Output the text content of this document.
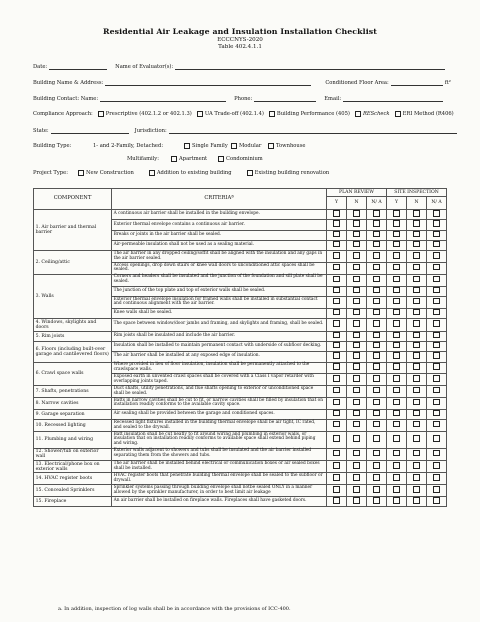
Residential Air Leakage and Insulation Installation Checklist
ECCCNYS-2020
Table 402.4.1.1
Date:	Name of Evaluator(s):
Building Name & Address:	Conditioned Floor Area:	ft²
Building Contact: Name:	Phone:	Email:
Compliance Approach:	Prescriptive (402.1.2 or 402.1.3)	UA Trade-off (402.1.4)	Building Performance (405)	REScheck	ERI Method (R406)
State:	Jurisdiction:
Building Type:	1- and 2-Family, Detached:	Single Family Modular	Townhouse
Multifamily:	Apartment	Condominium
Project Type:	New Construction	Addition to existing building	Existing building renovation
COMPONENT	CRITERIAª	PLAN REVIEW			SITE INSPECTION		
		Y	N	N/ A	Y	N	N/ A
1. Air barrier and thermal barrier	A continuous air barrier shall be installed in the building envelope.						
	Exterior thermal envelope contains a continuous air barrier.						
	Breaks or joints in the air barrier shall be sealed.						
	Air-permeable insulation shall not be used as a sealing material.						
2. Ceiling/attic	The air barrier in any dropped ceiling/soffit shall be aligned with the insulation and any gaps in the air barrier sealed.						
	Access openings, drop down stairs or knee wall doors to unconditioned attic spaces shall be sealed.						
3. Walls	Corners and headers shall be insulated and the junction of the foundation and sill plate shall be sealed.						
	The junction of the top plate and top of exterior walls shall be sealed.						
	Exterior thermal envelope insulation for framed walls shall be installed in substantial contact and continuous alignment with the air barrier.						
	Knee walls shall be sealed.						
4. Windows, skylights and doors	The space between window/door jambs and framing, and skylights and framing, shall be sealed.						
5. Rim joists	Rim joists shall be insulated and include the air barrier.						
6. Floors (including built-over garage and cantilevered floors)	Insulation shall be installed to maintain permanent contact with underside of subfloor decking.						
	The air barrier shall be installed at any exposed edge of insulation.						
6. Crawl space walls	Where provided in lieu of floor insulation, insulation shall be permanently attached to the crawlspace walls.						
	Exposed earth in unvented crawl spaces shall be covered with a Class I vapor retarder with overlapping joints taped.						
7. Shafts, penetrations	Duct shafts, utility penetrations, and flue shafts opening to exterior or unconditioned space shall be sealed.						
8. Narrow cavities	Batts in narrow cavities shall be cut to fit, or narrow cavities shall be filled by insulation that on installation readily conforms to the available cavity space.						
9. Garage separation	Air sealing shall be provided between the garage and conditioned spaces.						
10. Recessed lighting	Recessed light fixtures installed in the building thermal envelope shall be air tight, IC rated, and sealed to the drywall.						
11. Plumbing and wiring	Batt insulation shall be cut neatly to fit around wiring and plumbing in exterior walls, or insulation that on installation readily conforms to available space shall extend behind piping and wiring.						
12. Shower/tub on exterior wall	Exterior walls adjacent to showers and tubs shall be insulated and the air barrier installed separating them from the showers and tubs.						
13. Electrical/phone box on exterior walls	The air barrier shall be installed behind electrical or communication boxes or air sealed boxes shall be installed.						
14. HVAC register boots	HVAC register boots that penetrate building thermal envelope shall be sealed to the subfloor or drywall.						
15. Concealed Sprinklers	Sprinkler systems passing through building envelope shall notbe sealed ONLY in a manner allowed by the sprinkler manufacturer, in order to best limit air leakage						
15. Fireplace	An air barrier shall be installed on fireplace walls. Fireplaces shall have gasketed doors.						
a. In addition, inspection of log walls shall be in accordance with the provisions of ICC-400.
